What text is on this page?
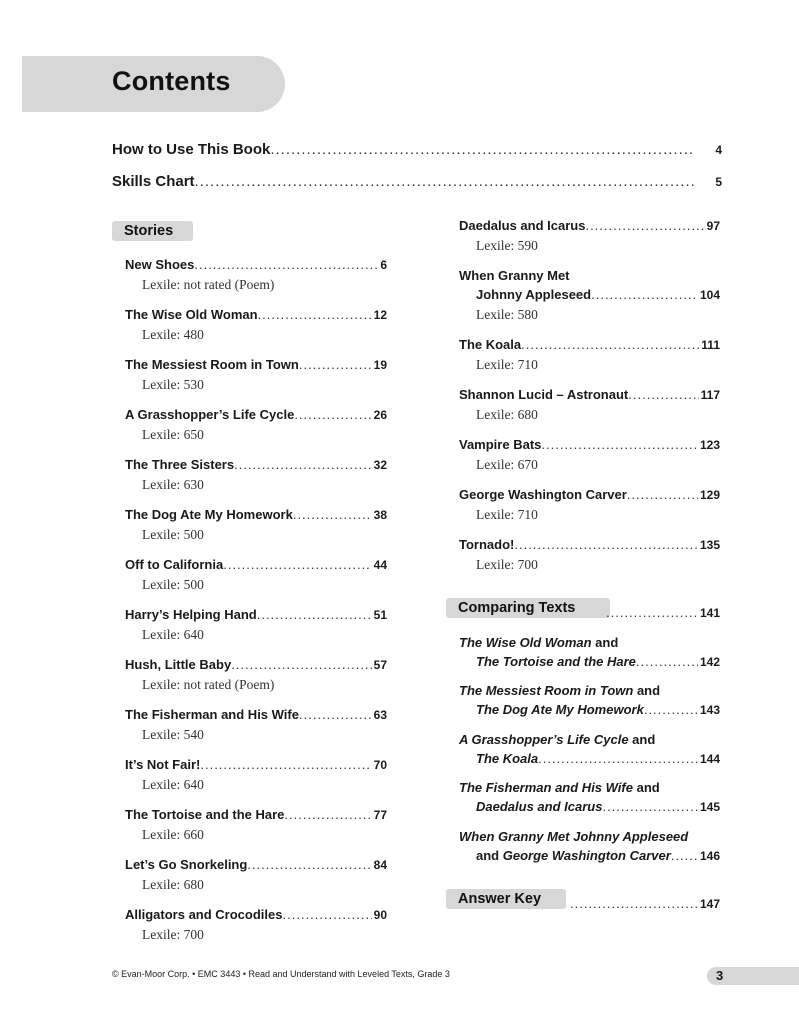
Contents
How to Use This Book .....	4
Skills Chart .....	5
Stories
New Shoes .....	6
Lexile: not rated (Poem)
The Wise Old Woman .....	12
Lexile: 480
The Messiest Room in Town .....	19
Lexile: 530
A Grasshopper’s Life Cycle .....	26
Lexile: 650
The Three Sisters .....	32
Lexile: 630
The Dog Ate My Homework .....	38
Lexile: 500
Off to California .....	44
Lexile: 500
Harry’s Helping Hand .....	51
Lexile: 640
Hush, Little Baby .....	57
Lexile: not rated (Poem)
The Fisherman and His Wife .....	63
Lexile: 540
It’s Not Fair! .....	70
Lexile: 640
The Tortoise and the Hare .....	77
Lexile: 660
Let’s Go Snorkeling .....	84
Lexile: 680
Alligators and Crocodiles .....	90
Lexile: 700
Daedalus and Icarus .....	97
Lexile: 590
When Granny Met
Johnny Appleseed .....	104
Lexile: 580
The Koala .....	111
Lexile: 710
Shannon Lucid – Astronaut .....	117
Lexile: 680
Vampire Bats .....	123
Lexile: 670
George Washington Carver .....	129
Lexile: 710
Tornado! .....	135
Lexile: 700
Comparing Texts .....	141
The Wise Old Woman and
The Tortoise and the Hare .....	142
The Messiest Room in Town and
The Dog Ate My Homework .....	143
A Grasshopper’s Life Cycle and
The Koala .....	144
The Fisherman and His Wife and
Daedalus and Icarus .....	145
When Granny Met Johnny Appleseed
and George Washington Carver ..... 146
Answer Key .....	147
© Evan-Moor Corp. • EMC 3443 • Read and Understand with Leveled Texts, Grade 3	3
